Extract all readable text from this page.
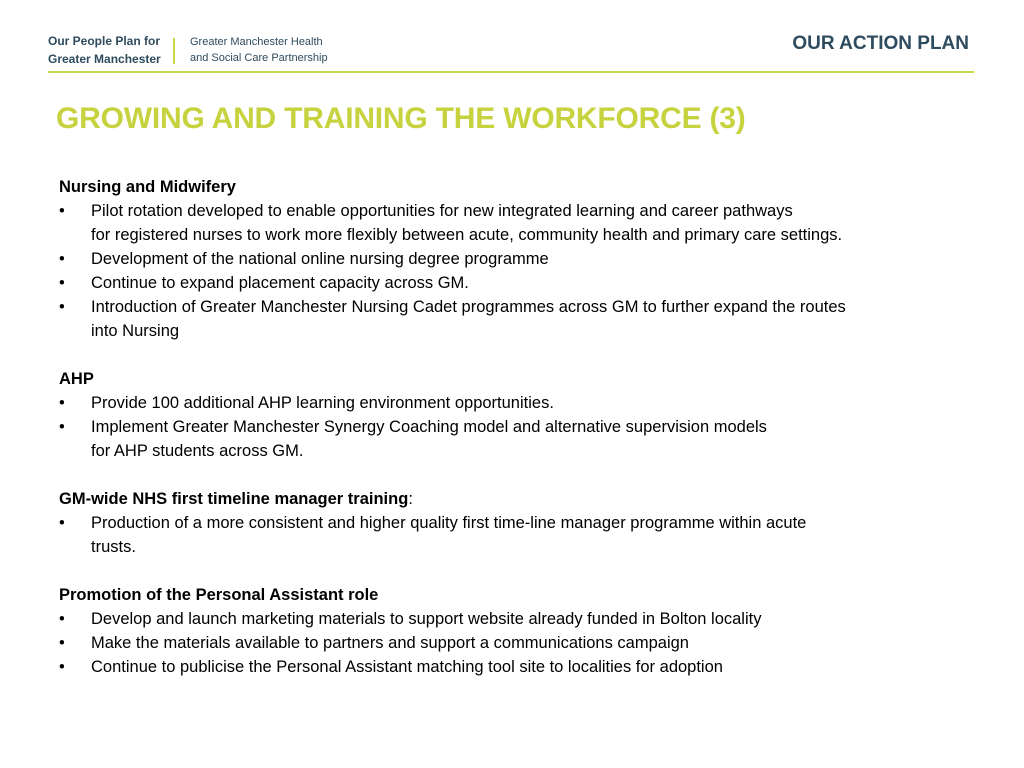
Our People Plan for
Greater Manchester
Greater Manchester Health
and Social Care Partnership
OUR ACTION PLAN
GROWING AND TRAINING THE WORKFORCE (3)
Nursing and Midwifery
• Pilot rotation developed to enable opportunities for new integrated learning and career pathways
for registered nurses to work more flexibly between acute, community health and primary care settings.
• Development of the national online nursing degree programme
• Continue to expand placement capacity across GM.
• Introduction of Greater Manchester Nursing Cadet programmes across GM to further expand the routes
into Nursing
AHP
• Provide 100 additional AHP learning environment opportunities.
• Implement Greater Manchester Synergy Coaching model and alternative supervision models
for AHP students across GM.
GM-wide NHS first timeline manager training:
• Production of a more consistent and higher quality first time-line manager programme within acute
trusts.
Promotion of the Personal Assistant role
• Develop and launch marketing materials to support website already funded in Bolton locality
• Make the materials available to partners and support a communications campaign
• Continue to publicise the Personal Assistant matching tool site to localities for adoption
